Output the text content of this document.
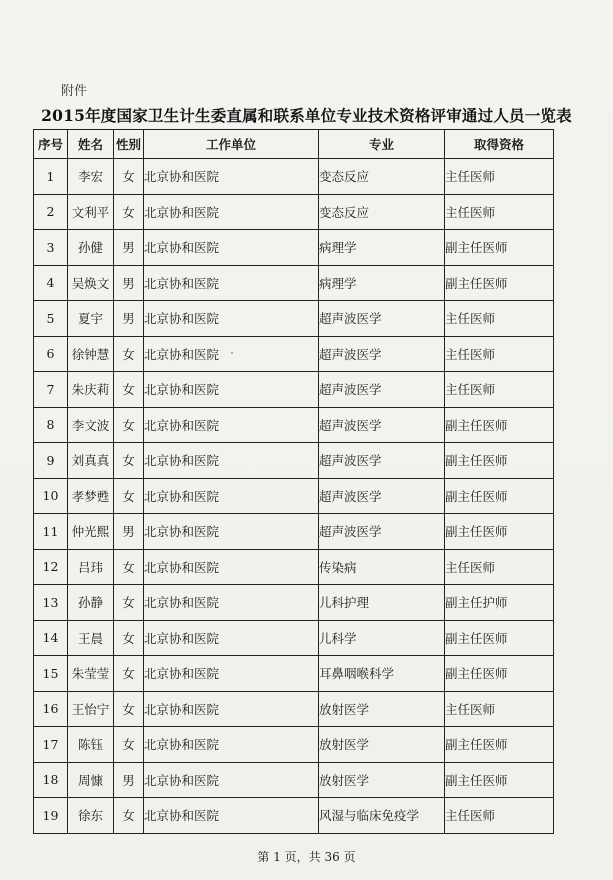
附件
2015年度国家卫生计生委直属和联系单位专业技术资格评审通过人员一览表
序号	姓名	性别	工作单位	专业	取得资格
1	李宏	女	北京协和医院	变态反应	主任医师
2	文利平	女	北京协和医院	变态反应	主任医师
3	孙健	男	北京协和医院	病理学	副主任医师
4	吴焕文	男	北京协和医院	病理学	副主任医师
5	夏宇	男	北京协和医院	超声波医学	主任医师
6	徐钟慧	女	北京协和医院	超声波医学	主任医师
7	朱庆莉	女	北京协和医院	超声波医学	主任医师
8	李文波	女	北京协和医院	超声波医学	副主任医师
9	刘真真	女	北京协和医院	超声波医学	副主任医师
10	孝梦甦	女	北京协和医院	超声波医学	副主任医师
11	仲光熙	男	北京协和医院	超声波医学	副主任医师
12	吕玮	女	北京协和医院	传染病	主任医师
13	孙静	女	北京协和医院	儿科护理	副主任护师
14	王晨	女	北京协和医院	儿科学	副主任医师
15	朱莹莹	女	北京协和医院	耳鼻咽喉科学	副主任医师
16	王怡宁	女	北京协和医院	放射医学	主任医师
17	陈钰	女	北京协和医院	放射医学	副主任医师
18	周慷	男	北京协和医院	放射医学	副主任医师
19	徐东	女	北京协和医院	风湿与临床免疫学	主任医师
第 1 页，共 36 页
